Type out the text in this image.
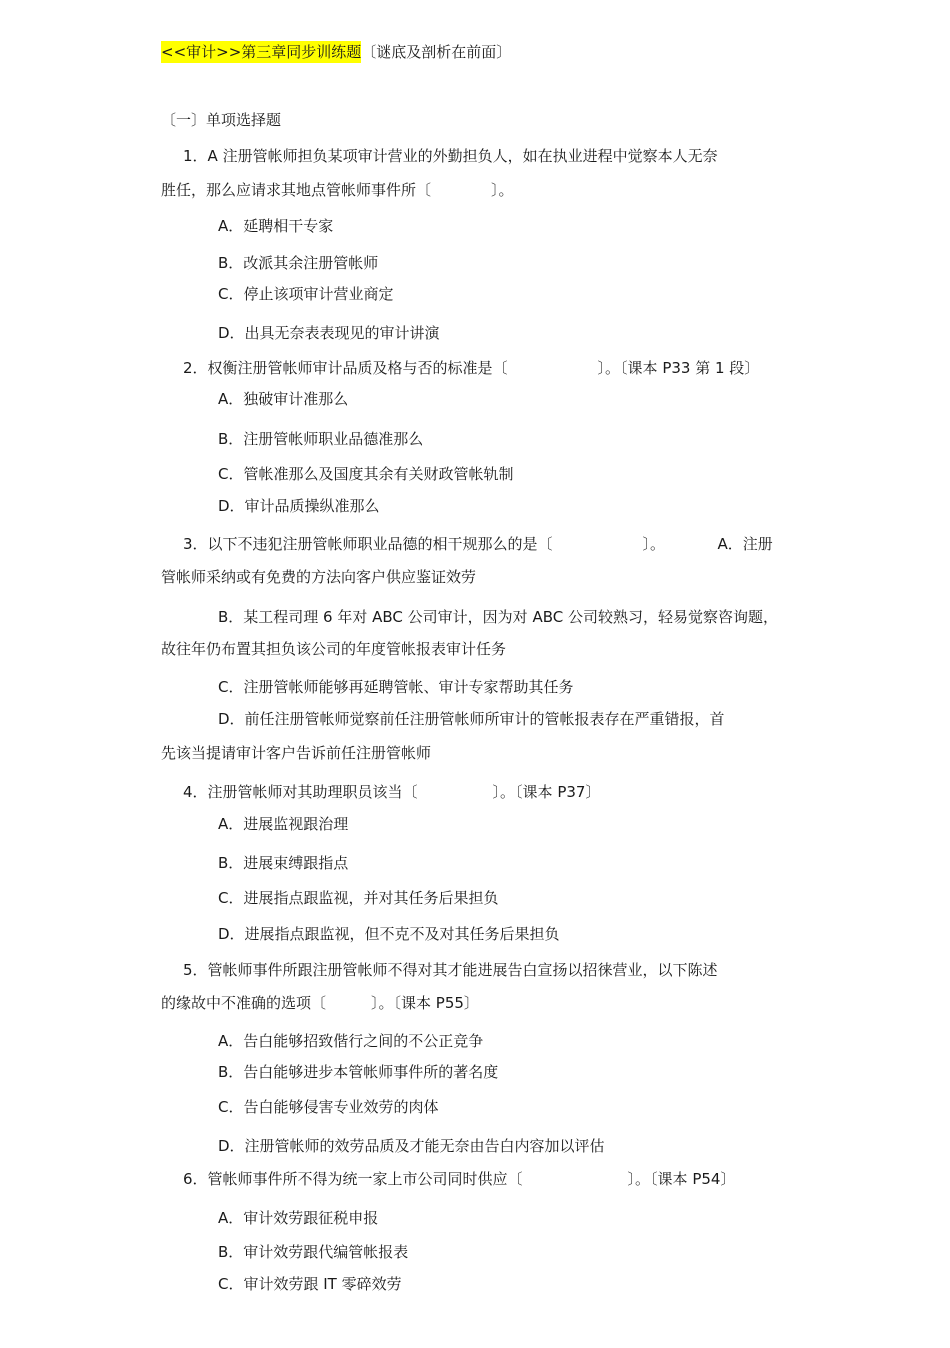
<<审计>>第三章同步训练题〔谜底及剖析在前面〕
〔一〕单项选择题
1．A 注册管帐师担负某项审计营业的外勤担负人，如在执业进程中觉察本人无奈
胜任，那么应请求其地点管帐师事件所〔　　　　〕。
A．延聘相干专家
B．改派其余注册管帐师
C．停止该项审计营业商定
D．出具无奈表表现见的审计讲演
2．权衡注册管帐师审计品质及格与否的标准是〔　　　　　　〕。〔课本 P33 第 1 段〕
A．独破审计准那么
B．注册管帐师职业品德准那么
C．管帐准那么及国度其余有关财政管帐轨制
D．审计品质操纵准那么
3．以下不违犯注册管帐师职业品德的相干规那么的是〔　　　　　　〕。　　　　A．注册
管帐师采纳或有免费的方法向客户供应鉴证效劳
B．某工程司理 6 年对 ABC 公司审计，因为对 ABC 公司较熟习，轻易觉察咨询题，
故往年仍布置其担负该公司的年度管帐报表审计任务
C．注册管帐师能够再延聘管帐、审计专家帮助其任务
D．前任注册管帐师觉察前任注册管帐师所审计的管帐报表存在严重错报，首
先该当提请审计客户告诉前任注册管帐师
4．注册管帐师对其助理职员该当〔　　　　　〕。〔课本 P37〕
A．进展监视跟治理
B．进展束缚跟指点
C．进展指点跟监视，并对其任务后果担负
D．进展指点跟监视，但不克不及对其任务后果担负
5．管帐师事件所跟注册管帐师不得对其才能进展告白宣扬以招徕营业，以下陈述
的缘故中不准确的选项〔　　　〕。〔课本 P55〕
A．告白能够招致偕行之间的不公正竞争
B．告白能够进步本管帐师事件所的著名度
C．告白能够侵害专业效劳的肉体
D．注册管帐师的效劳品质及才能无奈由告白内容加以评估
6．管帐师事件所不得为统一家上市公司同时供应〔　　　　　　　〕。〔课本 P54〕
A．审计效劳跟征税申报
B．审计效劳跟代编管帐报表
C．审计效劳跟 IT 零碎效劳
